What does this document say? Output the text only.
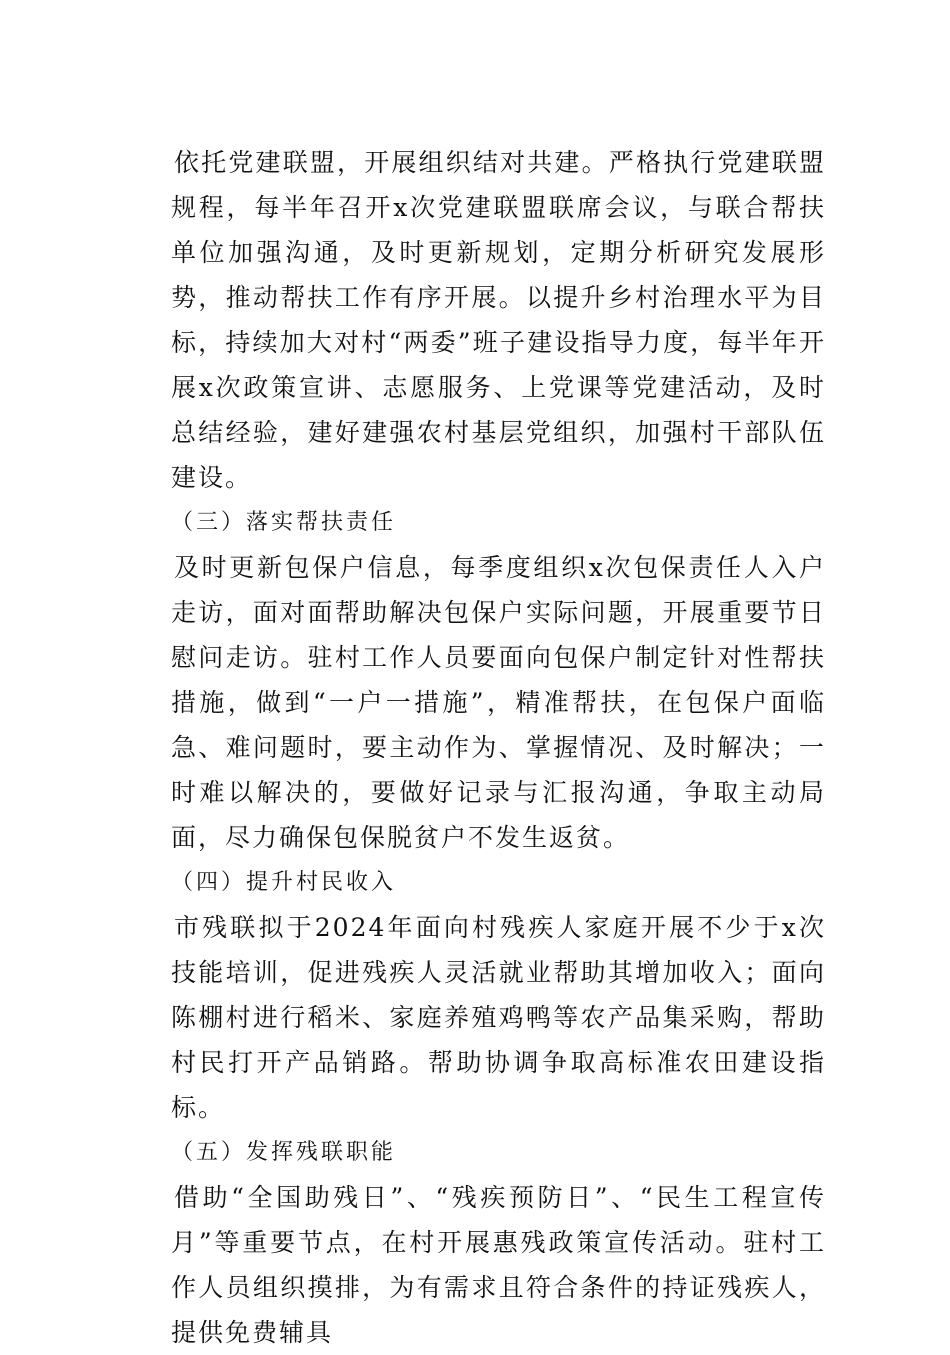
依托党建联盟，开展组织结对共建。严格执行党建联盟规程，每半年召开x次党建联盟联席会议，与联合帮扶单位加强沟通，及时更新规划，定期分析研究发展形势，推动帮扶工作有序开展。以提升乡村治理水平为目标，持续加大对村“两委”班子建设指导力度，每半年开展x次政策宣讲、志愿服务、上党课等党建活动，及时总结经验，建好建强农村基层党组织，加强村干部队伍建设。

（三）落实帮扶责任

及时更新包保户信息，每季度组织x次包保责任人入户走访，面对面帮助解决包保户实际问题，开展重要节日慰问走访。驻村工作人员要面向包保户制定针对性帮扶措施，做到“一户一措施”，精准帮扶，在包保户面临急、难问题时，要主动作为、掌握情况、及时解决；一时难以解决的，要做好记录与汇报沟通，争取主动局面，尽力确保包保脱贫户不发生返贫。

（四）提升村民收入

市残联拟于2024年面向村残疾人家庭开展不少于x次技能培训，促进残疾人灵活就业帮助其增加收入；面向陈棚村进行稻米、家庭养殖鸡鸭等农产品集采购，帮助村民打开产品销路。帮助协调争取高标准农田建设指标。

（五）发挥残联职能

借助“全国助残日”、“残疾预防日”、“民生工程宣传月”等重要节点，在村开展惠残政策宣传活动。驻村工作人员组织摸排，为有需求且符合条件的持证残疾人，提供免费辅具
